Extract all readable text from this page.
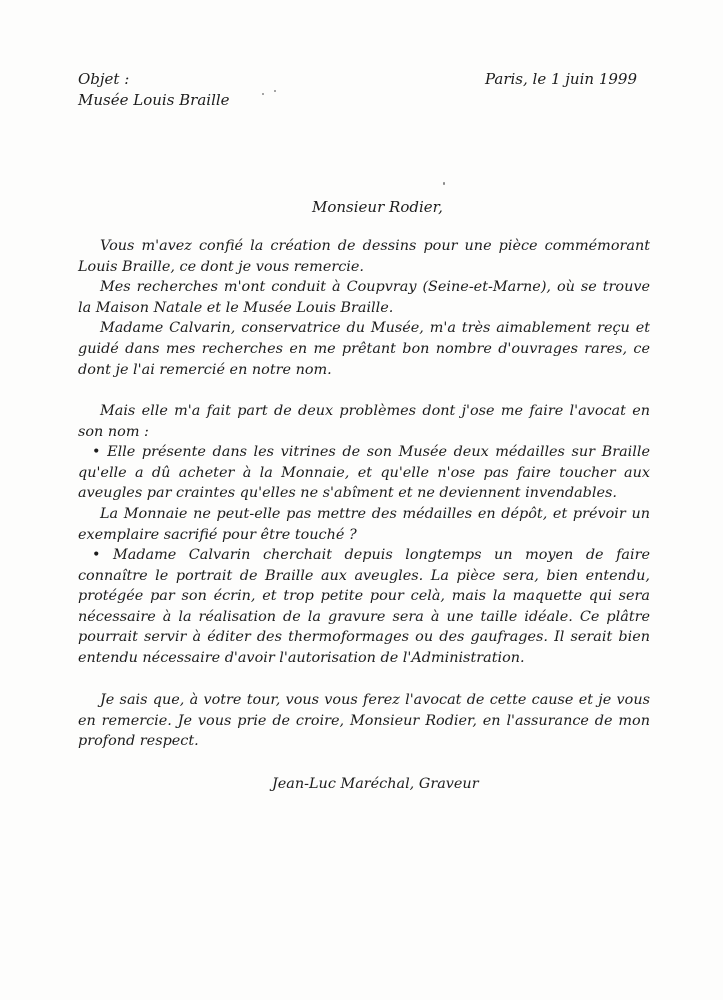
Objet :
Musée Louis Braille
Paris, le 1 juin 1999
Monsieur Rodier,

Vous m'avez confié la création de dessins pour une pièce commémorant Louis Braille, ce dont je vous remercie.

Mes recherches m'ont conduit à Coupvray (Seine-et-Marne), où se trouve la Maison Natale et le Musée Louis Braille.

Madame Calvarin, conservatrice du Musée, m'a très aimablement reçu et guidé dans mes recherches en me prêtant bon nombre d'ouvrages rares, ce dont je l'ai remercié en notre nom.

Mais elle m'a fait part de deux problèmes dont j'ose me faire l'avocat en son nom :

• Elle présente dans les vitrines de son Musée deux médailles sur Braille qu'elle a dû acheter à la Monnaie, et qu'elle n'ose pas faire toucher aux aveugles par craintes qu'elles ne s'abîment et ne deviennent invendables.

La Monnaie ne peut-elle pas mettre des médailles en dépôt, et prévoir un exemplaire sacrifié pour être touché ?

• Madame Calvarin cherchait depuis longtemps un moyen de faire connaître le portrait de Braille aux aveugles. La pièce sera, bien entendu, protégée par son écrin, et trop petite pour celà, mais la maquette qui sera nécessaire à la réalisation de la gravure sera à une taille idéale. Ce plâtre pourrait servir à éditer des thermoformages ou des gaufrages. Il serait bien entendu nécessaire d'avoir l'autorisation de l'Administration.

Je sais que, à votre tour, vous vous ferez l'avocat de cette cause et je vous en remercie. Je vous prie de croire, Monsieur Rodier, en l'assurance de mon profond respect.

Jean-Luc Maréchal, Graveur
